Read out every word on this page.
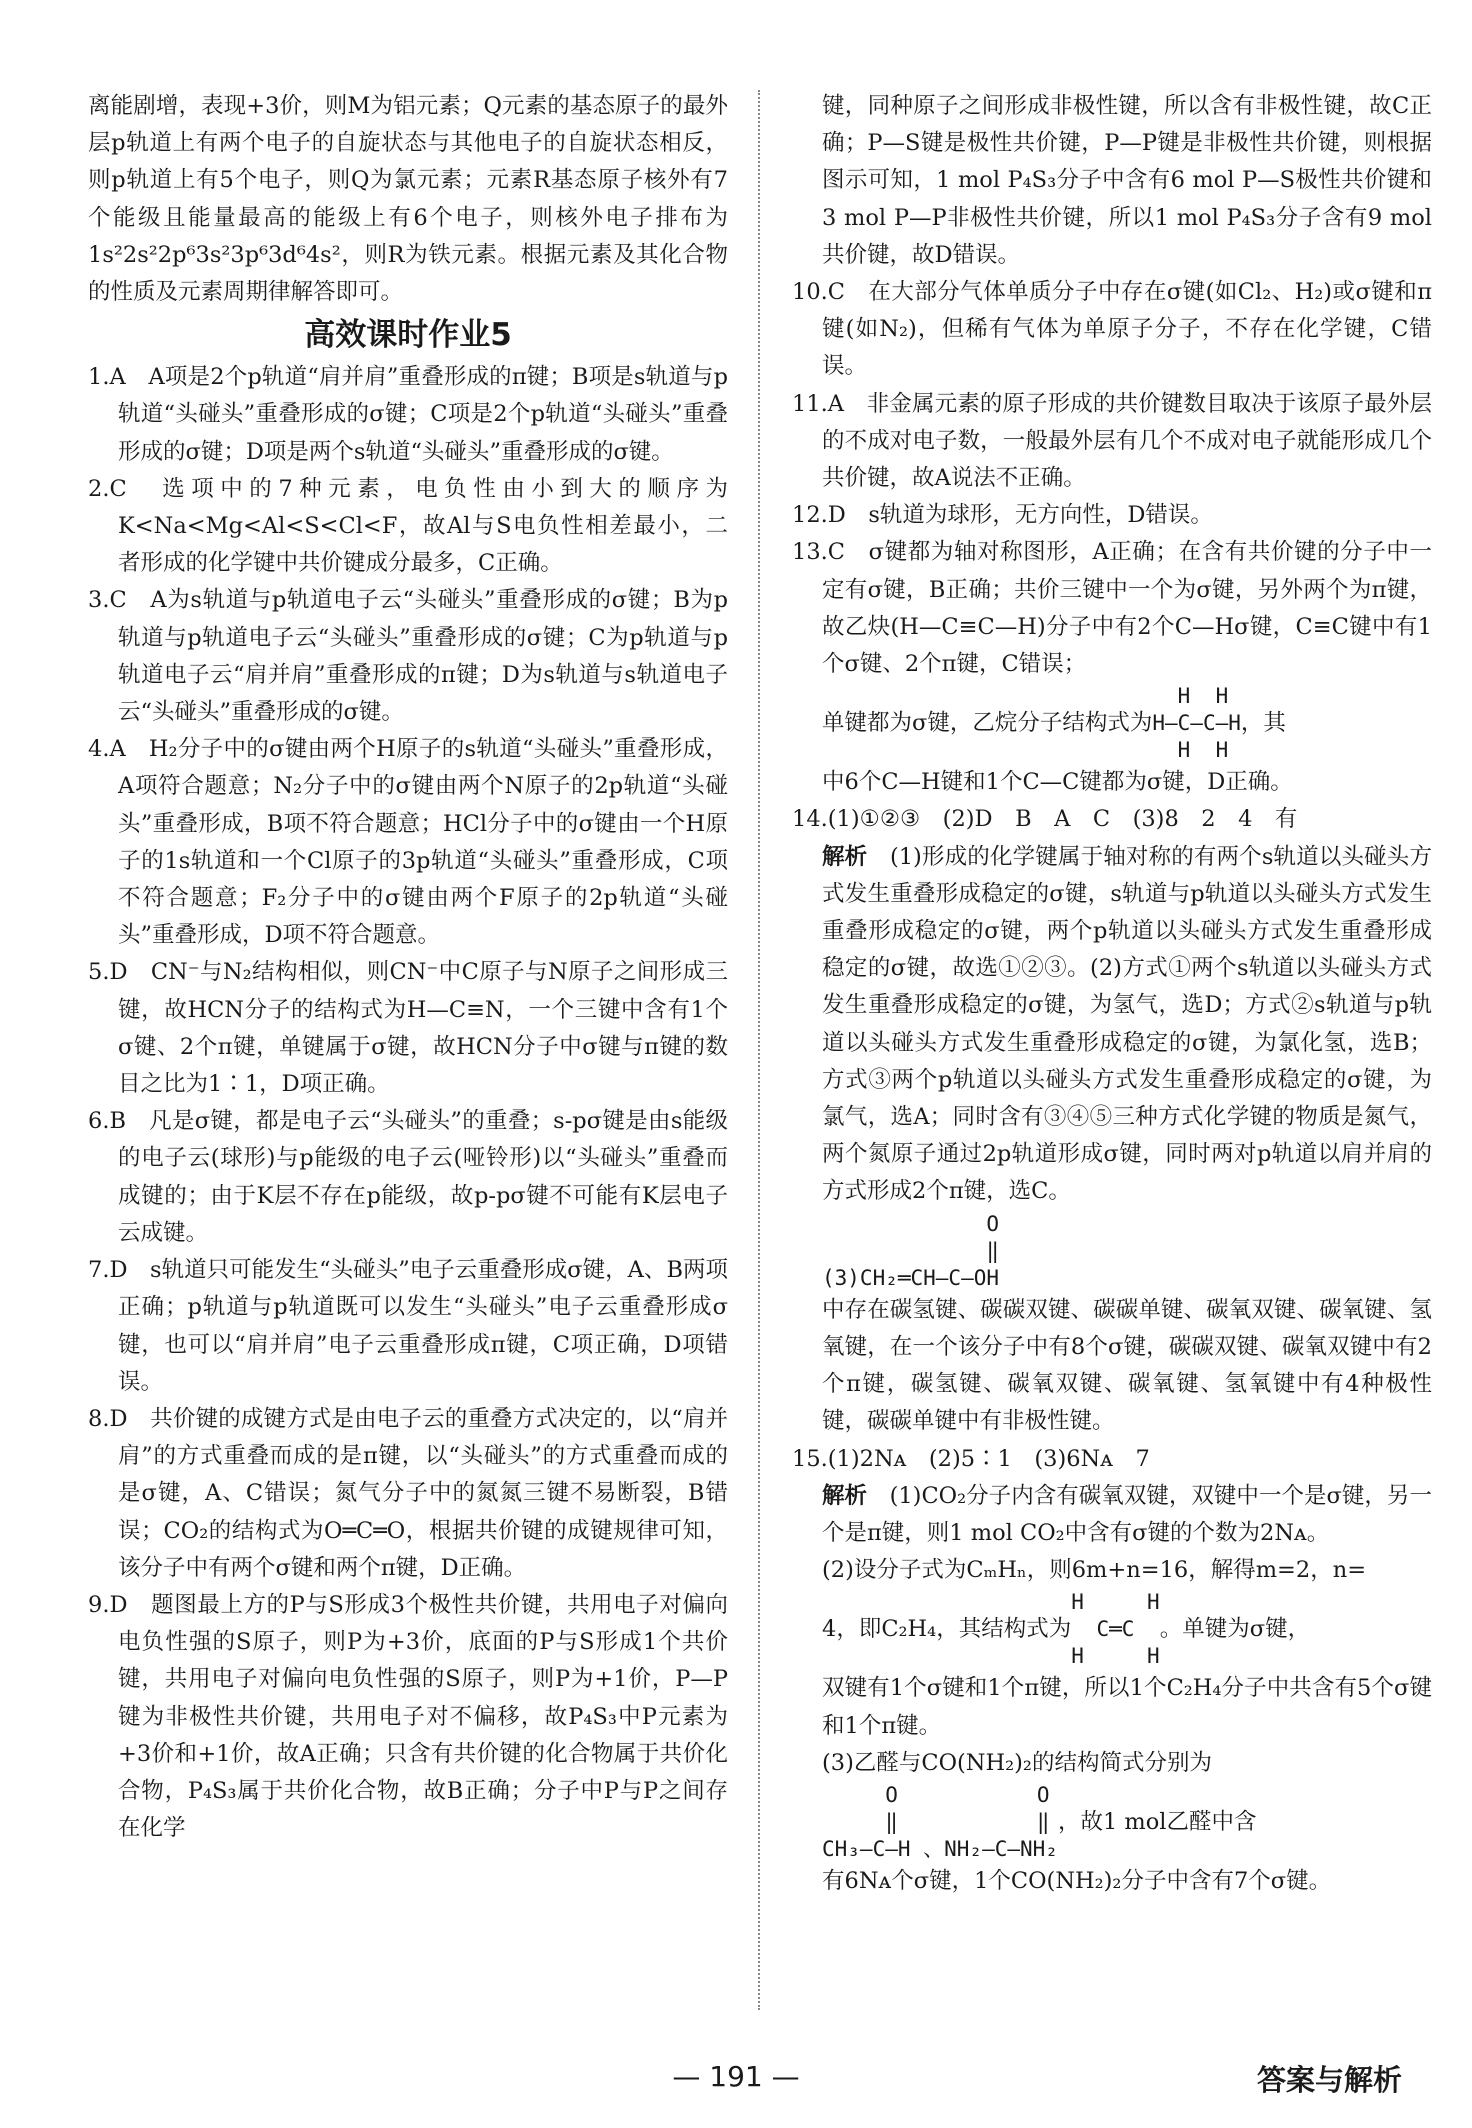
离能剧增，表现+3价，则M为铝元素；Q元素的基态原子的最外层p轨道上有两个电子的自旋状态与其他电子的自旋状态相反，则p轨道上有5个电子，则Q为氯元素；元素R基态原子核外有7个能级且能量最高的能级上有6个电子，则核外电子排布为1s²2s²2p⁶3s²3p⁶3d⁶4s²，则R为铁元素。根据元素及其化合物的性质及元素周期律解答即可。

高效课时作业5

1.A　A项是2个p轨道“肩并肩”重叠形成的π键；B项是s轨道与p轨道“头碰头”重叠形成的σ键；C项是2个p轨道“头碰头”重叠形成的σ键；D项是两个s轨道“头碰头”重叠形成的σ键。

2.C　选项中的7种元素，电负性由小到大的顺序为K<Na<Mg<Al<S<Cl<F，故Al与S电负性相差最小，二者形成的化学键中共价键成分最多，C正确。

3.C　A为s轨道与p轨道电子云“头碰头”重叠形成的σ键；B为p轨道与p轨道电子云“头碰头”重叠形成的σ键；C为p轨道与p轨道电子云“肩并肩”重叠形成的π键；D为s轨道与s轨道电子云“头碰头”重叠形成的σ键。

4.A　H₂分子中的σ键由两个H原子的s轨道“头碰头”重叠形成，A项符合题意；N₂分子中的σ键由两个N原子的2p轨道“头碰头”重叠形成，B项不符合题意；HCl分子中的σ键由一个H原子的1s轨道和一个Cl原子的3p轨道“头碰头”重叠形成，C项不符合题意；F₂分子中的σ键由两个F原子的2p轨道“头碰头”重叠形成，D项不符合题意。

5.D　CN⁻与N₂结构相似，则CN⁻中C原子与N原子之间形成三键，故HCN分子的结构式为H—C≡N，一个三键中含有1个σ键、2个π键，单键属于σ键，故HCN分子中σ键与π键的数目之比为1∶1，D项正确。

6.B　凡是σ键，都是电子云“头碰头”的重叠；s-pσ键是由s能级的电子云(球形)与p能级的电子云(哑铃形)以“头碰头”重叠而成键的；由于K层不存在p能级，故p-pσ键不可能有K层电子云成键。

7.D　s轨道只可能发生“头碰头”电子云重叠形成σ键，A、B两项正确；p轨道与p轨道既可以发生“头碰头”电子云重叠形成σ键，也可以“肩并肩”电子云重叠形成π键，C项正确，D项错误。

8.D　共价键的成键方式是由电子云的重叠方式决定的，以“肩并肩”的方式重叠而成的是π键，以“头碰头”的方式重叠而成的是σ键，A、C错误；氮气分子中的氮氮三键不易断裂，B错误；CO₂的结构式为O═C═O，根据共价键的成键规律可知，该分子中有两个σ键和两个π键，D正确。

9.D　题图最上方的P与S形成3个极性共价键，共用电子对偏向电负性强的S原子，则P为+3价，底面的P与S形成1个共价键，共用电子对偏向电负性强的S原子，则P为+1价，P—P键为非极性共价键，共用电子对不偏移，故P₄S₃中P元素为+3价和+1价，故A正确；只含有共价键的化合物属于共价化合物，P₄S₃属于共价化合物，故B正确；分子中P与P之间存在化学

键，同种原子之间形成非极性键，所以含有非极性键，故C正确；P—S键是极性共价键，P—P键是非极性共价键，则根据图示可知，1 mol P₄S₃分子中含有6 mol P—S极性共价键和3 mol P—P非极性共价键，所以1 mol P₄S₃分子含有9 mol共价键，故D错误。

10.C　在大部分气体单质分子中存在σ键(如Cl₂、H₂)或σ键和π键(如N₂)，但稀有气体为单原子分子，不存在化学键，C错误。

11.A　非金属元素的原子形成的共价键数目取决于该原子最外层的不成对电子数，一般最外层有几个不成对电子就能形成几个共价键，故A说法不正确。

12.D　s轨道为球形，无方向性，D错误。

13.C　σ键都为轴对称图形，A正确；在含有共价键的分子中一定有σ键，B正确；共价三键中一个为σ键，另外两个为π键，故乙炔(H—C≡C—H)分子中有2个C—Hσ键，C≡C键中有1个σ键、2个π键，C错误；

单键都为σ键，乙烷分子结构式为
H  H
H—C—C—H
H  H
，其

中6个C—H键和1个C—C键都为σ键，D正确。

14.(1)①②③　(2)D　B　A　C　(3)8　2　4　有

解析　 (1)形成的化学键属于轴对称的有两个s轨道以头碰头方式发生重叠形成稳定的σ键，s轨道与p轨道以头碰头方式发生重叠形成稳定的σ键，两个p轨道以头碰头方式发生重叠形成稳定的σ键，故选①②③。(2)方式①两个s轨道以头碰头方式发生重叠形成稳定的σ键，为氢气，选D；方式②s轨道与p轨道以头碰头方式发生重叠形成稳定的σ键，为氯化氢，选B；方式③两个p轨道以头碰头方式发生重叠形成稳定的σ键，为氯气，选A；同时含有③④⑤三种方式化学键的物质是氮气，两个氮原子通过2p轨道形成σ键，同时两对p轨道以肩并肩的方式形成2个π键，选C。

O
‖
(3)CH₂═CH—C—OH

中存在碳氢键、碳碳双键、碳碳单键、碳氧双键、碳氧键、氢氧键，在一个该分子中有8个σ键，碳碳双键、碳氧双键中有2个π键，碳氢键、碳氧双键、碳氧键、氢氧键中有4种极性键，碳碳单键中有非极性键。

15.(1)2Nᴀ　(2)5∶1　(3)6Nᴀ　7

解析　 (1)CO₂分子内含有碳氧双键，双键中一个是σ键，另一个是π键，则1 mol CO₂中含有σ键的个数为2Nᴀ。

(2)设分子式为CₘHₙ，则6m+n=16，解得m=2，n=

4，即C₂H₄，其结构式为
H     H
C═C
H     H
。单键为σ键，

双键有1个σ键和1个π键，所以1个C₂H₄分子中共含有5个σ键和1个π键。

(3)乙醛与CO(NH₂)₂的结构简式分别为

O           O
‖           ‖
CH₃—C—H 、NH₂—C—NH₂
，故1 mol乙醛中含

有6Nᴀ个σ键，1个CO(NH₂)₂分子中含有7个σ键。

— 191 —	答案与解析
